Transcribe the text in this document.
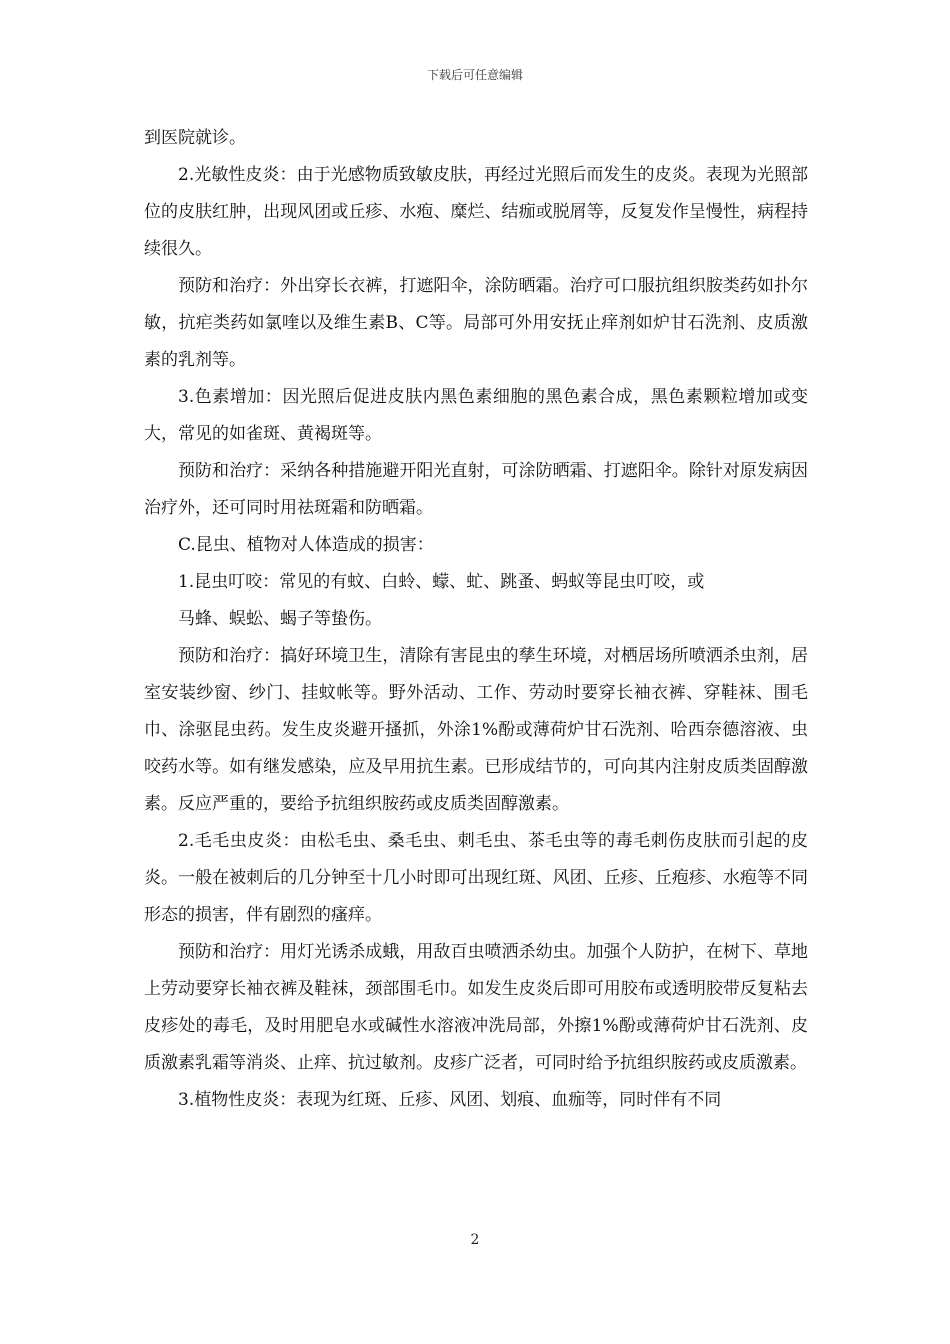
下载后可任意编辑

到医院就诊。

2.光敏性皮炎：由于光感物质致敏皮肤，再经过光照后而发生的皮炎。表现为光照部位的皮肤红肿，出现风团或丘疹、水疱、糜烂、结痂或脱屑等，反复发作呈慢性，病程持续很久。

预防和治疗：外出穿长衣裤，打遮阳伞，涂防晒霜。治疗可口服抗组织胺类药如扑尔敏，抗疟类药如氯喹以及维生素B、C等。局部可外用安抚止痒剂如炉甘石洗剂、皮质激素的乳剂等。

3.色素增加：因光照后促进皮肤内黑色素细胞的黑色素合成，黑色素颗粒增加或变大，常见的如雀斑、黄褐斑等。

预防和治疗：采纳各种措施避开阳光直射，可涂防晒霜、打遮阳伞。除针对原发病因治疗外，还可同时用祛斑霜和防晒霜。

C.昆虫、植物对人体造成的损害：

1.昆虫叮咬：常见的有蚊、白蛉、蠓、虻、跳蚤、蚂蚁等昆虫叮咬，或

马蜂、蜈蚣、蝎子等蛰伤。

预防和治疗：搞好环境卫生，清除有害昆虫的孳生环境，对栖居场所喷洒杀虫剂，居室安装纱窗、纱门、挂蚊帐等。野外活动、工作、劳动时要穿长袖衣裤、穿鞋袜、围毛巾、涂驱昆虫药。发生皮炎避开搔抓，外涂1%酚或薄荷炉甘石洗剂、哈西奈德溶液、虫咬药水等。如有继发感染，应及早用抗生素。已形成结节的，可向其内注射皮质类固醇激素。反应严重的，要给予抗组织胺药或皮质类固醇激素。

2.毛毛虫皮炎：由松毛虫、桑毛虫、刺毛虫、茶毛虫等的毒毛刺伤皮肤而引起的皮炎。一般在被刺后的几分钟至十几小时即可出现红斑、风团、丘疹、丘疱疹、水疱等不同形态的损害，伴有剧烈的瘙痒。

预防和治疗：用灯光诱杀成蛾，用敌百虫喷洒杀幼虫。加强个人防护，在树下、草地上劳动要穿长袖衣裤及鞋袜，颈部围毛巾。如发生皮炎后即可用胶布或透明胶带反复粘去皮疹处的毒毛，及时用肥皂水或碱性水溶液冲洗局部，外擦1%酚或薄荷炉甘石洗剂、皮质激素乳霜等消炎、止痒、抗过敏剂。皮疹广泛者，可同时给予抗组织胺药或皮质激素。

3.植物性皮炎：表现为红斑、丘疹、风团、划痕、血痂等，同时伴有不同

2
